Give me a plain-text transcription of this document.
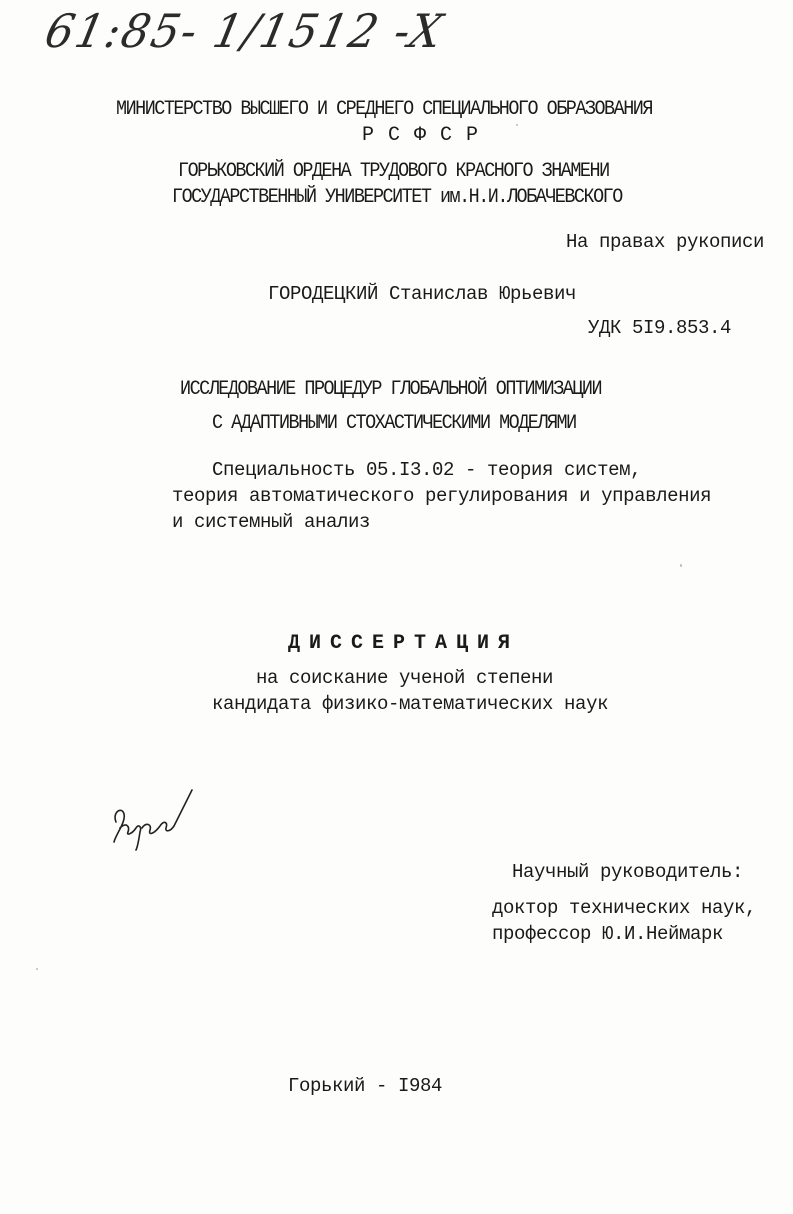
61:85- 1/1512 -X
МИНИСТЕРСТВО ВЫСШЕГО И СРЕДНЕГО СПЕЦИАЛЬНОГО ОБРАЗОВАНИЯ
Р С Ф С Р
ГОРЬКОВСКИЙ ОРДЕНА ТРУДОВОГО КРАСНОГО ЗНАМЕНИ
ГОСУДАРСТВЕННЫЙ УНИВЕРСИТЕТ им.Н.И.ЛОБАЧЕВСКОГО
На правах рукописи
ГОРОДЕЦКИЙ Станислав Юрьевич
УДК 5I9.853.4
ИССЛЕДОВАНИЕ ПРОЦЕДУР ГЛОБАЛЬНОЙ ОПТИМИЗАЦИИ
С АДАПТИВНЫМИ СТОХАСТИЧЕСКИМИ МОДЕЛЯМИ
Специальность 05.I3.02 - теория систем,
теория автоматического регулирования и управления
и системный анализ
ДИССЕРТАЦИЯ
на соискание ученой степени
кандидата физико-математических наук
Научный руководитель:
доктор технических наук,
профессор Ю.И.Неймарк
Горький - I984
